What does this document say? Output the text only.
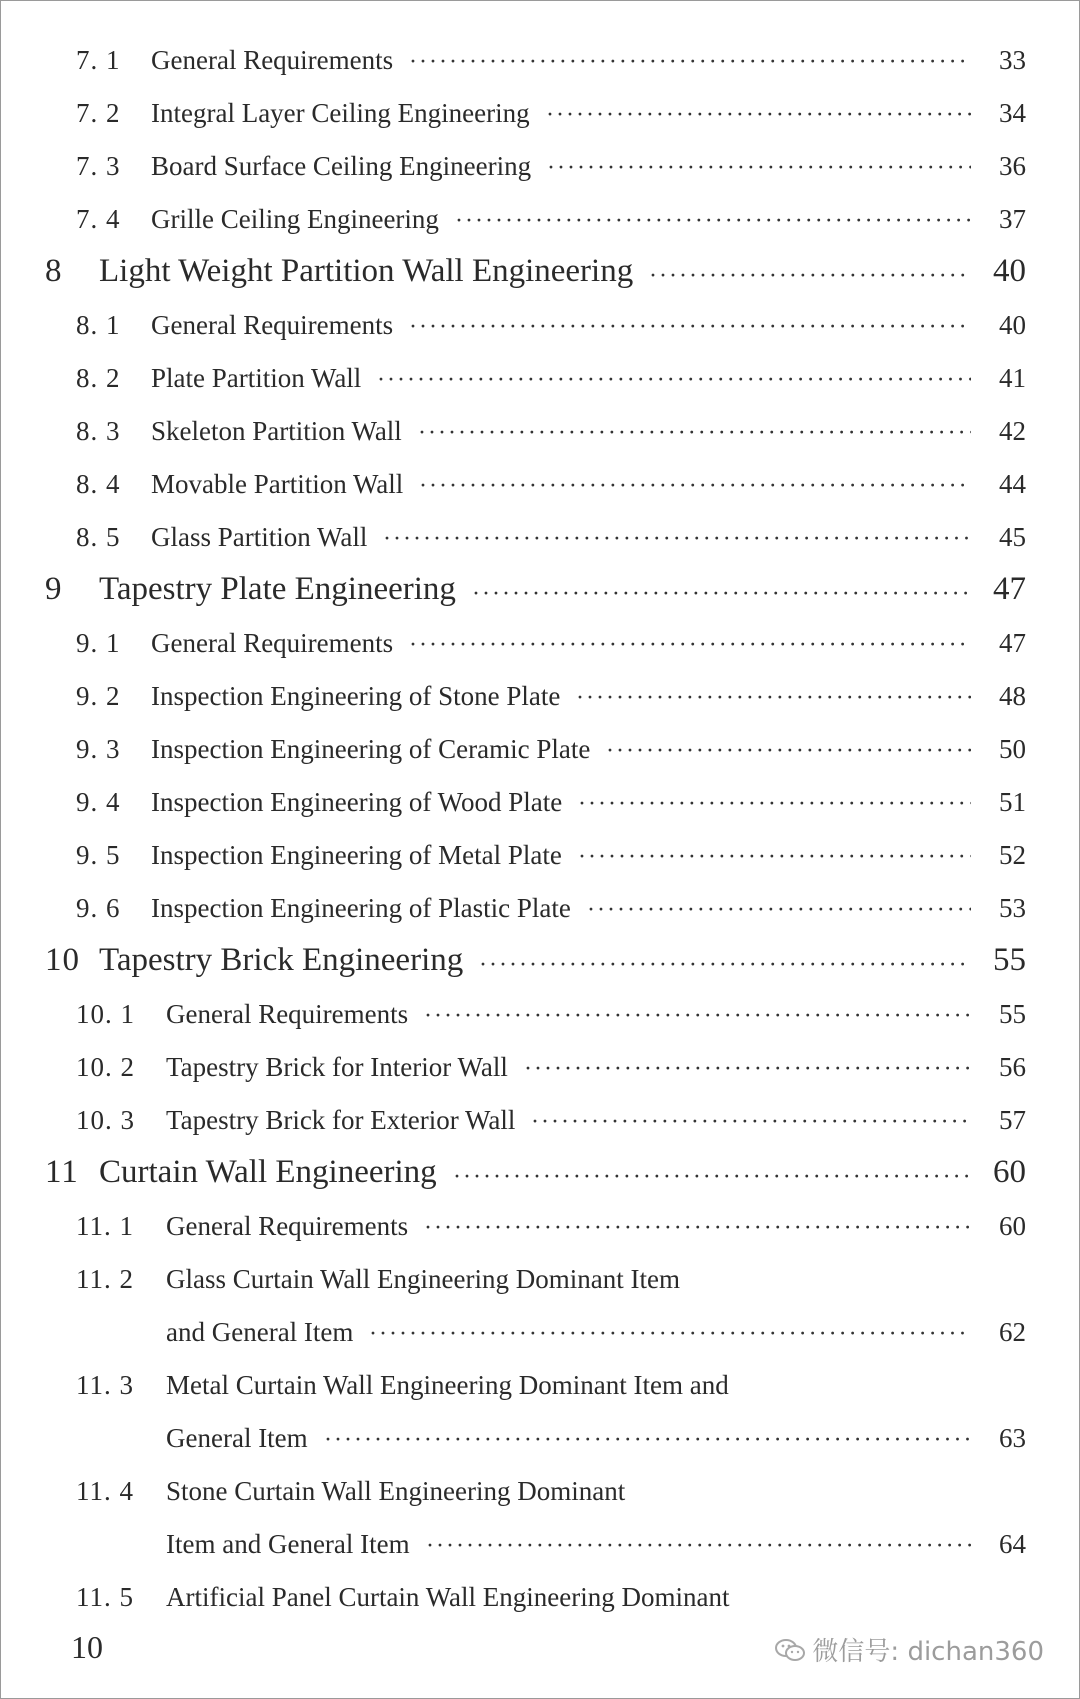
7. 1 General Requirements ·····	33
7. 2 Integral Layer Ceiling Engineering ·····	34
7. 3 Board Surface Ceiling Engineering ·····	36
7. 4 Grille Ceiling Engineering ·····	37
8 Light Weight Partition Wall Engineering ·····	40
8. 1 General Requirements ·····	40
8. 2 Plate Partition Wall ·····	41
8. 3 Skeleton Partition Wall ·····	42
8. 4 Movable Partition Wall ·····	44
8. 5 Glass Partition Wall ·····	45
9 Tapestry Plate Engineering ·····	47
9. 1 General Requirements ·····	47
9. 2 Inspection Engineering of Stone Plate ·····	48
9. 3 Inspection Engineering of Ceramic Plate ·····	50
9. 4 Inspection Engineering of Wood Plate ·····	51
9. 5 Inspection Engineering of Metal Plate ·····	52
9. 6 Inspection Engineering of Plastic Plate ·····	53
10 Tapestry Brick Engineering ·····	55
10. 1 General Requirements ·····	55
10. 2 Tapestry Brick for Interior Wall ·····	56
10. 3 Tapestry Brick for Exterior Wall ·····	57
11 Curtain Wall Engineering ·····	60
11. 1 General Requirements ·····	60
11. 2 Glass Curtain Wall Engineering Dominant Item
and General Item ·····	62
11. 3 Metal Curtain Wall Engineering Dominant Item and
General Item ·····	63
11. 4 Stone Curtain Wall Engineering Dominant
Item and General Item ·····	64
11. 5 Artificial Panel Curtain Wall Engineering Dominant
10	微信号: dichan360
